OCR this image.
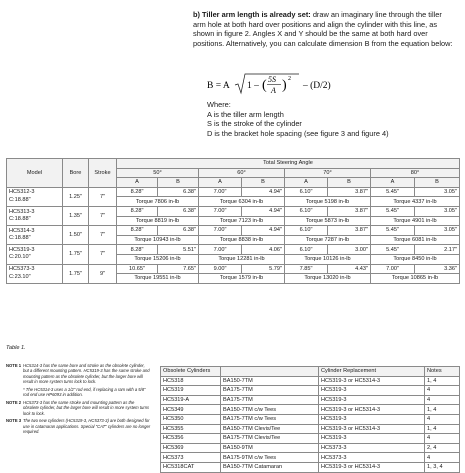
b) Tiller arm length is already set: draw an imaginary line through the tiller arm hole at both hard over positions and align the cylinder with this line, as shown in figure 2. Angles X and Y should be the same at both hard over positions. Alternatively, you can calculate dimension B from the equation below:
B = A 1 – ( 5S
A ) 2
– (D/2)
Where:
A is the tiller arm length
S is the stroke of the cylinder
D is the bracket hole spacing (see figure 3 and figure 4)
Model	Bore	Stroke	Total Steering Angle							
			50°		60°		70°		80°	
			A	B	A	B	A	B	A	B
HC5312-3
C:18.88"	1.25"	7"	8.28"	6.38"	7.00"	4.94"	6.10"	3.87"	5.45"	3.05"
			Torque 7806 in-lb		Torque 6304 in-lb		Torque 5198 in-lb		Torque 4337 in-lb	
HC5313-3
C:18.88"	1.35"	7"	8.28"	6.38"	7.00"	4.94"	6.10"	3.87"	5.45"	3.05"
			Torque 8819 in-lb		Torque 7123 in-lb		Torque 5873 in-lb		Torque 4901 in-lb	
HC5314-3
C:18.88"	1.50"	7"	8.28"	6.38"	7.00"	4.94"	6.10"	3.87"	5.45"	3.05"
			Torque 10943 in-lb		Torque 8838 in-lb		Torque 7287 in-lb		Torque 6081 in-lb	
HC5319-3
C:20.10"	1.75"	7"	8.28"	5.51"	7.00"	4.06"	6.10"	3.00"	5.45"	2.17"
			Torque 15206 in-lb		Torque 12281 in-lb		Torque 10126 in-lb		Torque 8450 in-lb	
HC5373-3
C:23.10"	1.75"	9"	10.65"	7.65"	9.00"	5.79"	7.85"	4.43"	7.00"	3.36"
			Torque 19551 in-lb		Torque 1579 in-lb		Torque 13020 in-lb		Torque 10865 in-lb	
Table 1.
NOTE 1 HC5314-3 has the same bore and stroke as the obsolete cylinder, but a different mounting pattern. HC5319-3 has the same stroke and mounting pattern as the obsolete cylinder, but the larger bore will result in more system turns lock to lock.
* The HC5314-3 uses a 1/2" rod end, if replacing a ram with a 5/8" rod end use HP6093 in addition.
NOTE 2 HC5373-3 has the same stroke and mounting pattern as the obsolete cylinder, but the larger bore will result in more system turns lock to lock.
NOTE 3 The two new cylinders (HC5319-3, HC5373-3) are both designed for use in catamaran applications. Special "CAT" cylinders are no longer required.
Obsolete Cylinders		Cylinder Replacement	Notes
HC5318	BA150-7TM	HC5319-3 or HC5314-3	1, 4
HC5319	BA175-7TM	HC5319-3	4
HC5319-A	BA175-7TM	HC5319-3	4
HC5349	BA150-7TM c/w Tees	HC5319-3 or HC5314-3	1, 4
HC5350	BA175-7TM c/w Tees	HC5319-3	4
HC5355	BA150-7TM Clevis/Tee	HC5319-3 or HC5314-3	1, 4
HC5356	BA175-7TM Clevis/Tee	HC5319-3	4
HC5369	BA150-9TM	HC5373-3	2, 4
HC5373	BA175-9TM c/w Tees	HC5373-3	4
HC5318CAT	BA150-7TM Catamaran	HC5319-3 or HC5314-3	1, 3, 4
